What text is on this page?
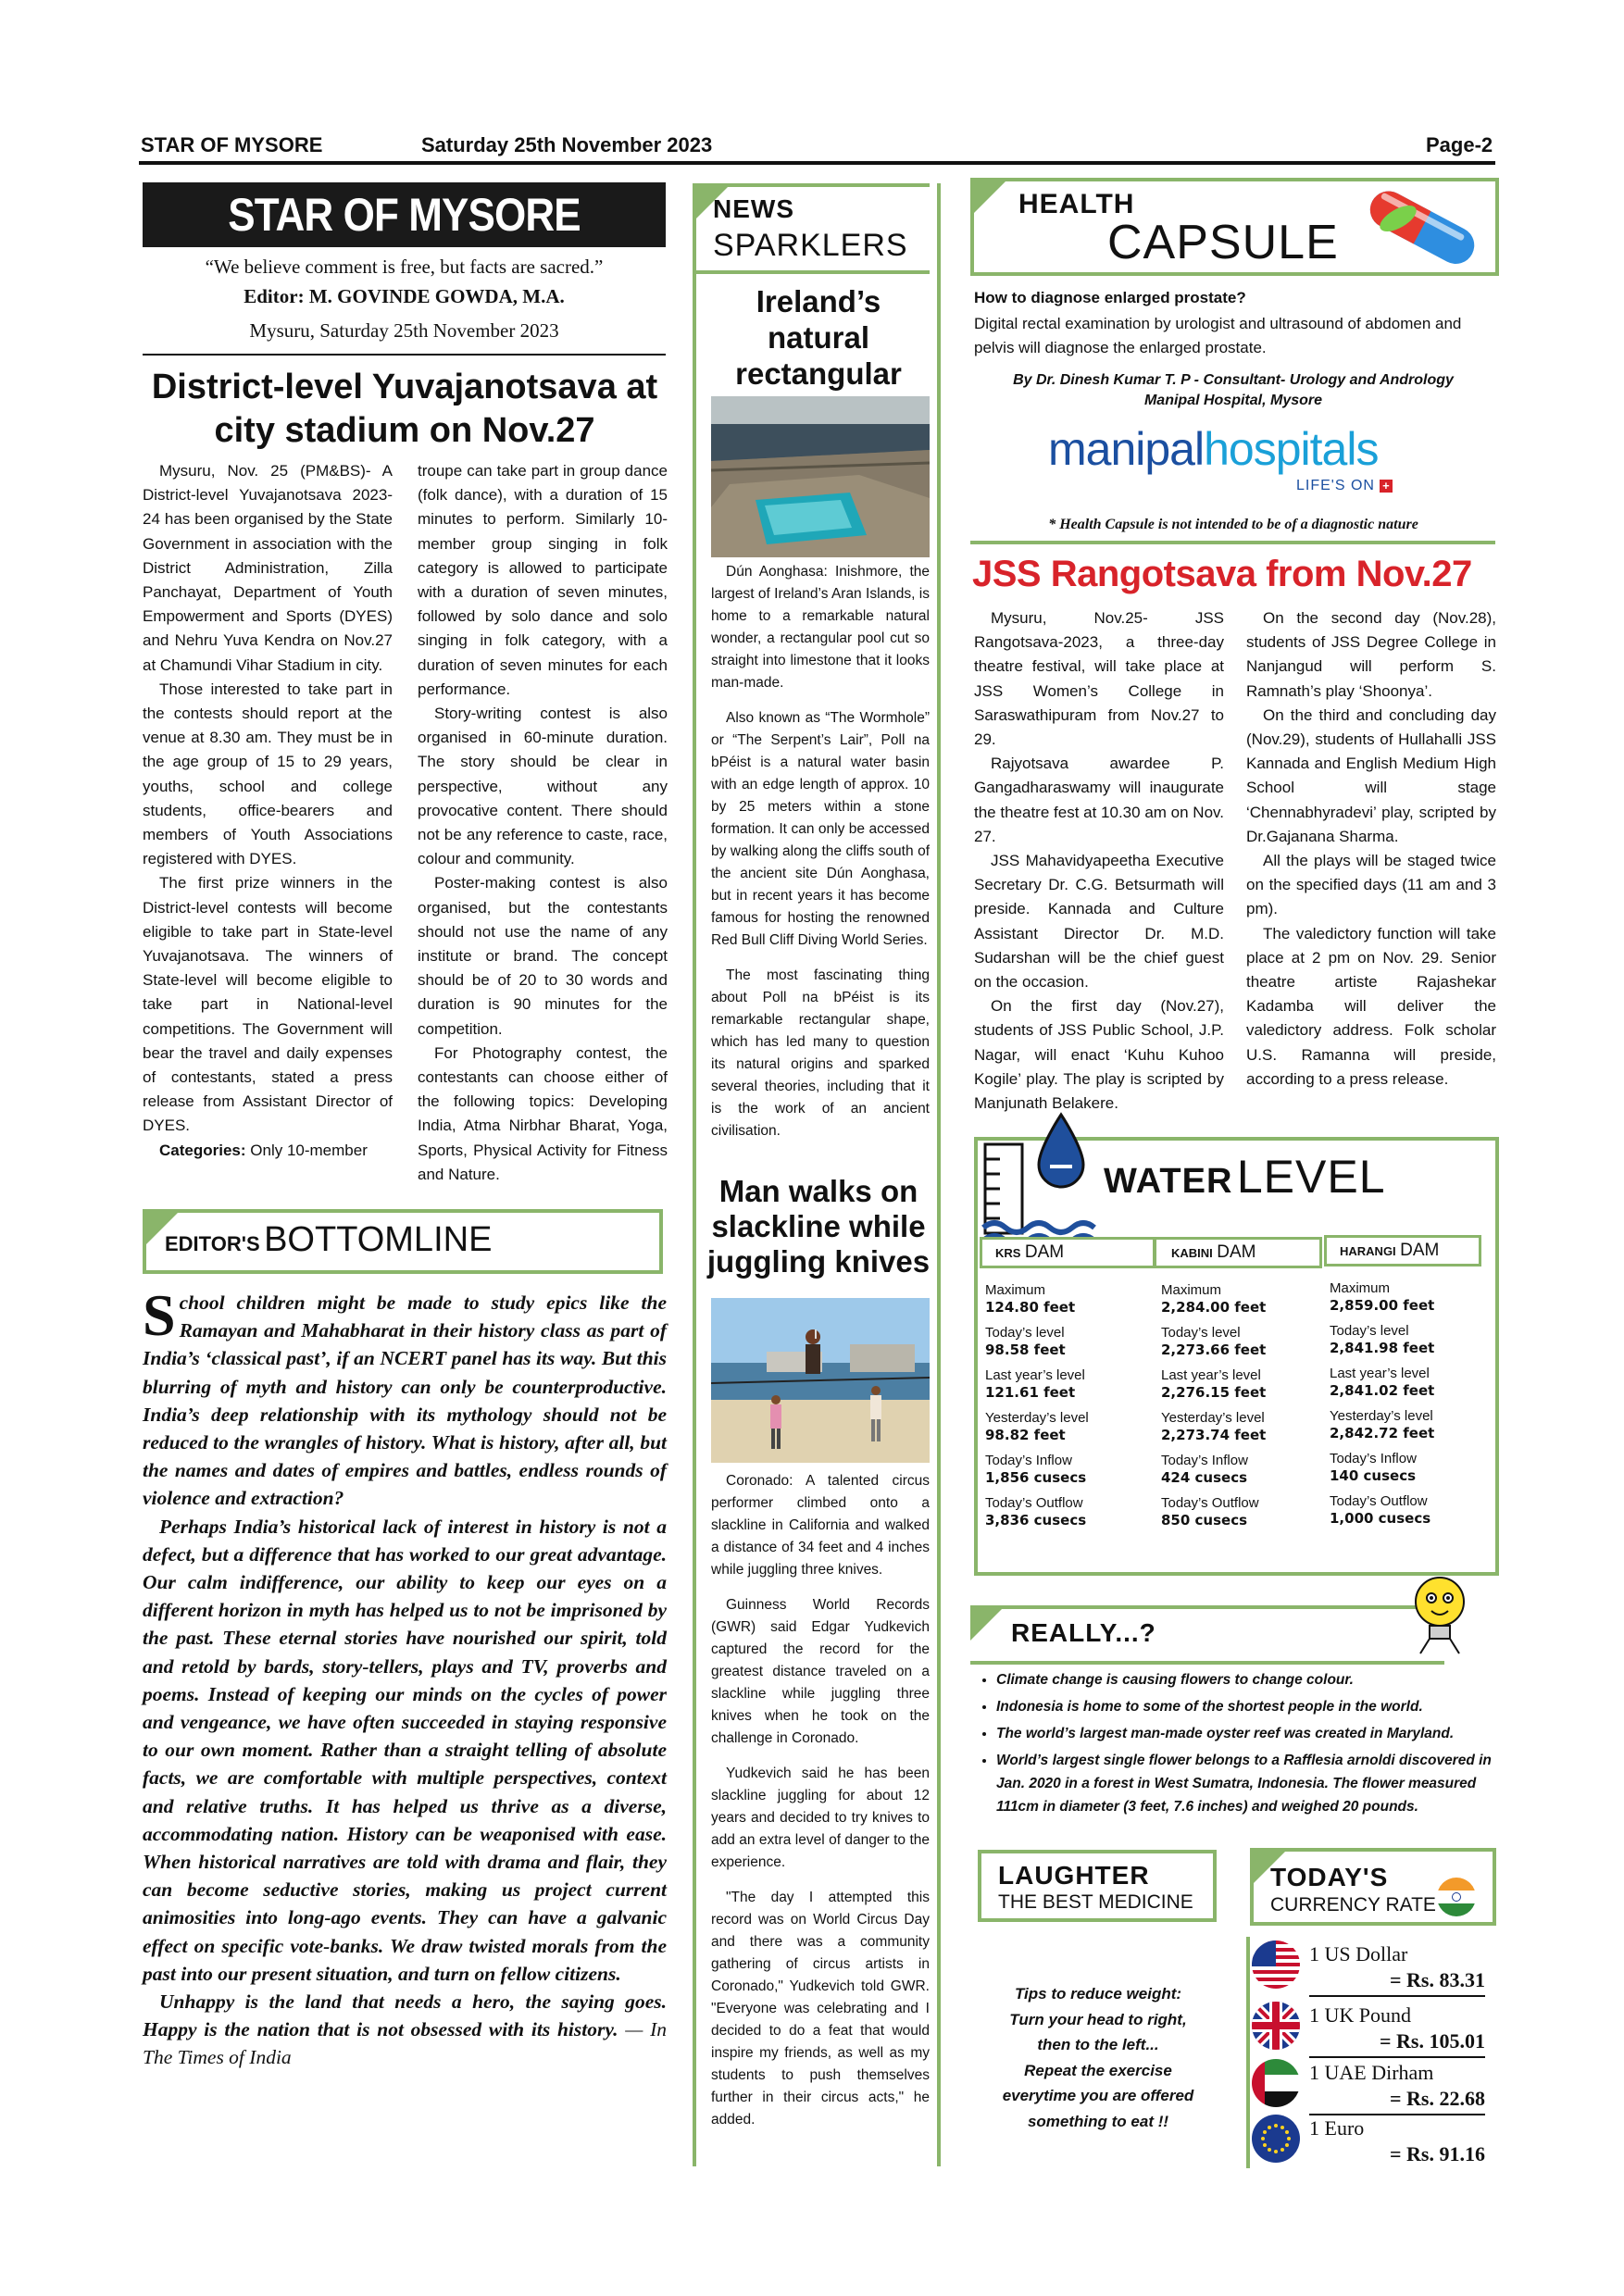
STAR OF MYSORE	Saturday 25th November 2023	Page-2
STAR OF MYSORE
“We believe comment is free, but facts are sacred.”
Editor: M. GOVINDE GOWDA, M.A.
Mysuru, Saturday 25th November 2023
District-level Yuvajanotsava at city stadium on Nov.27

Mysuru, Nov. 25 (PM&BS)- A District-level Yuvajanotsava 2023-24 has been organised by the State Government in association with the District Administration, Zilla Panchayat, Department of Youth Empowerment and Sports (DYES) and Nehru Yuva Kendra on Nov.27 at Chamundi Vihar Stadium in city.

Those interested to take part in the contests should report at the venue at 8.30 am. They must be in the age group of 15 to 29 years, youths, school and college students, office-bearers and members of Youth Associations registered with DYES.

The first prize winners in the District-level contests will become eligible to take part in State-level Yuvajanotsava. The winners of State-level will become eligible to take part in National-level competitions. The Government will bear the travel and daily expenses of contestants, stated a press release from Assistant Director of DYES.

Categories: Only 10-member

troupe can take part in group dance (folk dance), with a duration of 15 minutes to perform. Similarly 10-member group singing in folk category is allowed to participate with a duration of seven minutes, followed by solo dance and solo singing in folk category, with a duration of seven minutes for each performance.

Story-writing contest is also organised in 60-minute duration. The story should be clear in perspective, without any provocative content. There should not be any reference to caste, race, colour and community.

Poster-making contest is also organised, but the contestants should not use the name of any institute or brand. The concept should be of 20 to 30 words and duration is 90 minutes for the competition.

For Photography contest, the contestants can choose either of the following topics: Developing India, Atma Nirbhar Bharat, Yoga, Sports, Physical Activity for Fitness and Nature.

EDITOR'S BOTTOMLINE

School children might be made to study epics like the Ramayan and Mahabharat in their history class as part of India’s ‘classical past’, if an NCERT panel has its way. But this blurring of myth and history can only be counterproductive. India’s deep relationship with its mythology should not be reduced to the wrangles of history. What is history, after all, but the names and dates of empires and battles, endless rounds of violence and extraction?

Perhaps India’s historical lack of interest in history is not a defect, but a difference that has worked to our great advantage. Our calm indifference, our ability to keep our eyes on a different horizon in myth has helped us to not be imprisoned by the past. These eternal stories have nourished our spirit, told and retold by bards, story-tellers, plays and TV, proverbs and poems. Instead of keeping our minds on the cycles of power and vengeance, we have often succeeded in staying responsive to our own moment. Rather than a straight telling of absolute facts, we are comfortable with multiple perspectives, context and relative truths. It has helped us thrive as a diverse, accommodating nation. History can be weaponised with ease. When historical narratives are told with drama and flair, they can become seductive stories, making us project current animosities into long-ago events. They can have a galvanic effect on specific vote-banks. We draw twisted morals from the past into our present situation, and turn on fellow citizens.

Unhappy is the land that needs a hero, the saying goes. Happy is the nation that is not obsessed with its history. — In The Times of India

NEWS
SPARKLERS
Ireland’s natural rectangular

Dún Aonghasa: Inishmore, the largest of Ireland’s Aran Islands, is home to a remarkable natural wonder, a rectangular pool cut so straight into limestone that it looks man-made.

Also known as “The Wormhole” or “The Serpent’s Lair”, Poll na bPéist is a natural water basin with an edge length of approx. 10 by 25 meters within a stone formation. It can only be accessed by walking along the cliffs south of the ancient site Dún Aonghasa, but in recent years it has become famous for hosting the renowned Red Bull Cliff Diving World Series.

The most fascinating thing about Poll na bPéist is its remarkable rectangular shape, which has led many to question its natural origins and sparked several theories, including that it is the work of an ancient civilisation.

Man walks on slackline while juggling knives

Coronado: A talented circus performer climbed onto a slackline in California and walked a distance of 34 feet and 4 inches while juggling three knives.

Guinness World Records (GWR) said Edgar Yudkevich captured the record for the greatest distance traveled on a slackline while juggling three knives when he took on the challenge in Coronado.

Yudkevich said he has been slackline juggling for about 12 years and decided to try knives to add an extra level of danger to the experience.

"The day I attempted this record was on World Circus Day and there was a community gathering of circus artists in Coronado," Yudkevich told GWR. "Everyone was celebrating and I decided to do a feat that would inspire my friends, as well as my students to push themselves further in their circus acts," he added.

HEALTH
CAPSULE
How to diagnose enlarged prostate?
Digital rectal examination by urologist and ultrasound of abdomen and pelvis will diagnose the enlarged prostate.
By Dr. Dinesh Kumar T. P - Consultant- Urology and Andrology
Manipal Hospital, Mysore
manipalhospitals
LIFE'S ON +
* Health Capsule is not intended to be of a diagnostic nature
JSS Rangotsava from Nov.27

Mysuru, Nov.25- JSS Rangotsava-2023, a three-day theatre festival, will take place at JSS Women’s College in Saraswathipuram from Nov.27 to 29.

Rajyotsava awardee P. Gangadharaswamy will inaugurate the theatre fest at 10.30 am on Nov. 27.

JSS Mahavidyapeetha Executive Secretary Dr. C.G. Betsurmath will preside. Kannada and Culture Assistant Director Dr. M.D. Sudarshan will be the chief guest on the occasion.

On the first day (Nov.27), students of JSS Public School, J.P. Nagar, will enact ‘Kuhu Kuhoo Kogile’ play. The play is scripted by Manjunath Belakere.

On the second day (Nov.28), students of JSS Degree College in Nanjangud will perform S. Ramnath’s play ‘Shoonya’.

On the third and concluding day (Nov.29), students of Hullahalli JSS Kannada and English Medium High School will stage ‘Chennabhyradevi’ play, scripted by Dr.Gajanana Sharma.

All the plays will be staged twice on the specified days (11 am and 3 pm).

The valedictory function will take place at 2 pm on Nov. 29. Senior theatre artiste Rajashekar Kadamba will deliver the valedictory address. Folk scholar U.S. Ramanna will preside, according to a press release.

WATER LEVEL
KRS DAM
Maximum
124.80 feet
Today’s level
98.58 feet
Last year’s level
121.61 feet
Yesterday’s level
98.82 feet
Today’s Inflow
1,856 cusecs
Today’s Outflow
3,836 cusecs
KABINI DAM
Maximum
2,284.00 feet
Today’s level
2,273.66 feet
Last year’s level
2,276.15 feet
Yesterday’s level
2,273.74 feet
Today’s Inflow
424 cusecs
Today’s Outflow
850 cusecs
HARANGI DAM
Maximum
2,859.00 feet
Today’s level
2,841.98 feet
Last year’s level
2,841.02 feet
Yesterday’s level
2,842.72 feet
Today’s Inflow
140 cusecs
Today’s Outflow
1,000 cusecs
REALLY...?
• Climate change is causing flowers to change colour.
• Indonesia is home to some of the shortest people in the world.
• The world’s largest man-made oyster reef was created in Maryland.
• World’s largest single flower belongs to a Rafflesia arnoldi discovered in Jan. 2020 in a forest in West Sumatra, Indonesia. The flower measured 111cm in diameter (3 feet, 7.6 inches) and weighed 20 pounds.
LAUGHTER
THE BEST MEDICINE
Tips to reduce weight:
Turn your head to right,
then to the left...
Repeat the exercise
everytime you are offered
something to eat !!
TODAY'S
CURRENCY RATE
1 US Dollar
= Rs. 83.31
1 UK Pound
= Rs. 105.01
1 UAE Dirham
= Rs. 22.68
1 Euro
= Rs. 91.16
